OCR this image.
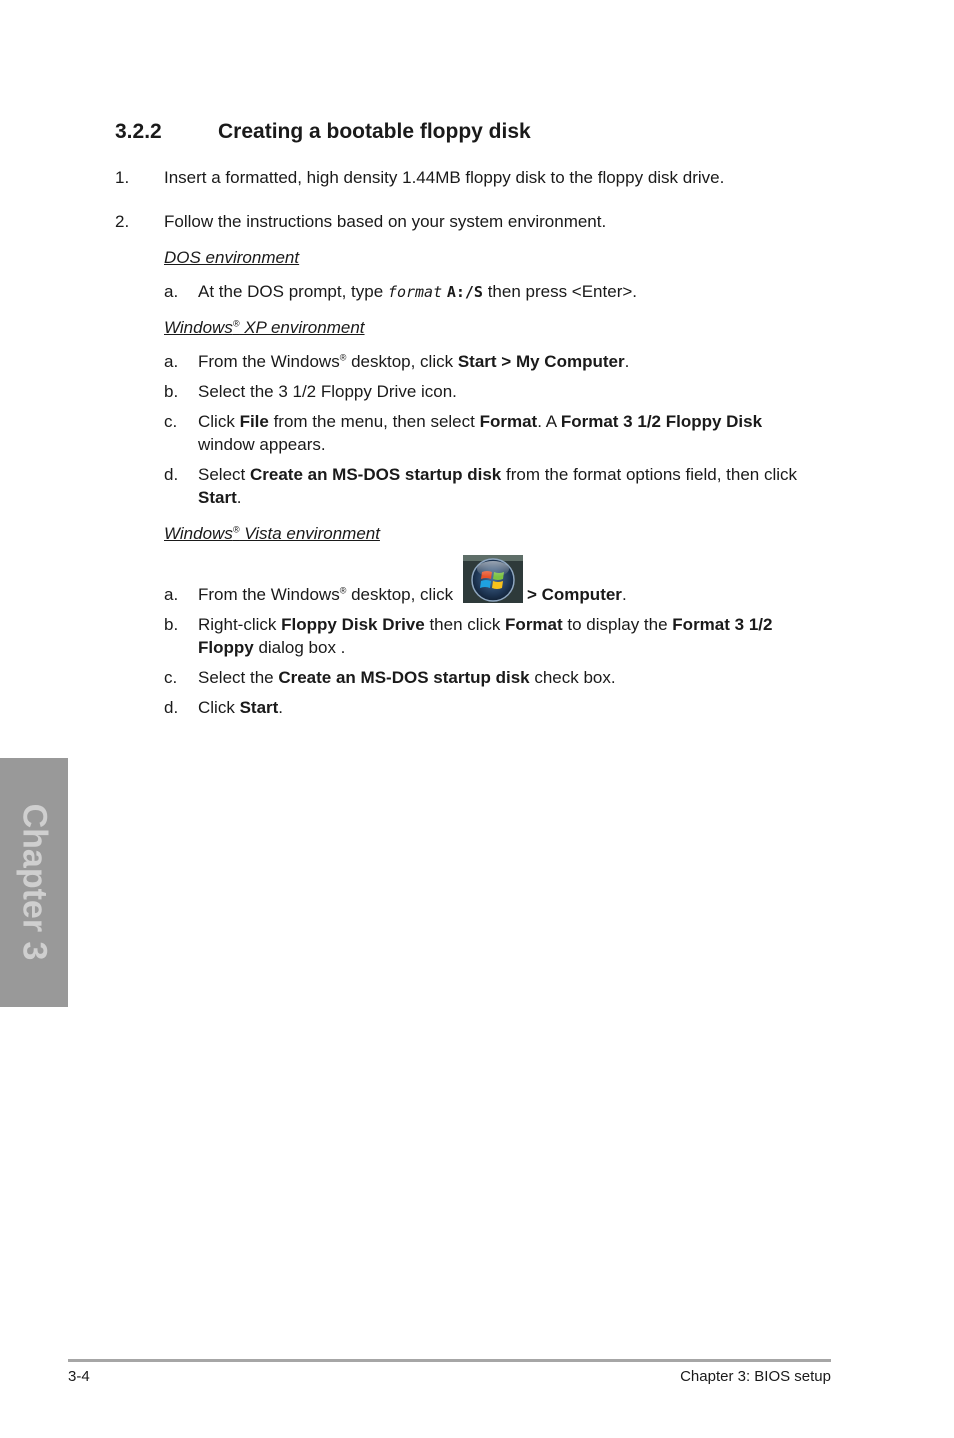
3.2.2	Creating a bootable floppy disk
1. Insert a formatted, high density 1.44MB floppy disk to the floppy disk drive.
2. Follow the instructions based on your system environment.
DOS environment
a. At the DOS prompt, type format A:/S then press <Enter>.
Windows® XP environment
a. From the Windows® desktop, click Start > My Computer.
b. Select the 3 1/2 Floppy Drive icon.
c. Click File from the menu, then select Format. A Format 3 1/2 Floppy Disk
window appears.
d. Select Create an MS-DOS startup disk from the format options field, then click
Start.
Windows® Vista environment
a. From the Windows® desktop, click	> Computer.
b. Right-click Floppy Disk Drive then click Format to display the Format 3 1/2
Floppy dialog box .
c. Select the Create an MS-DOS startup disk check box.
d. Click Start.
Chapter 3
3-4	Chapter 3: BIOS setup
